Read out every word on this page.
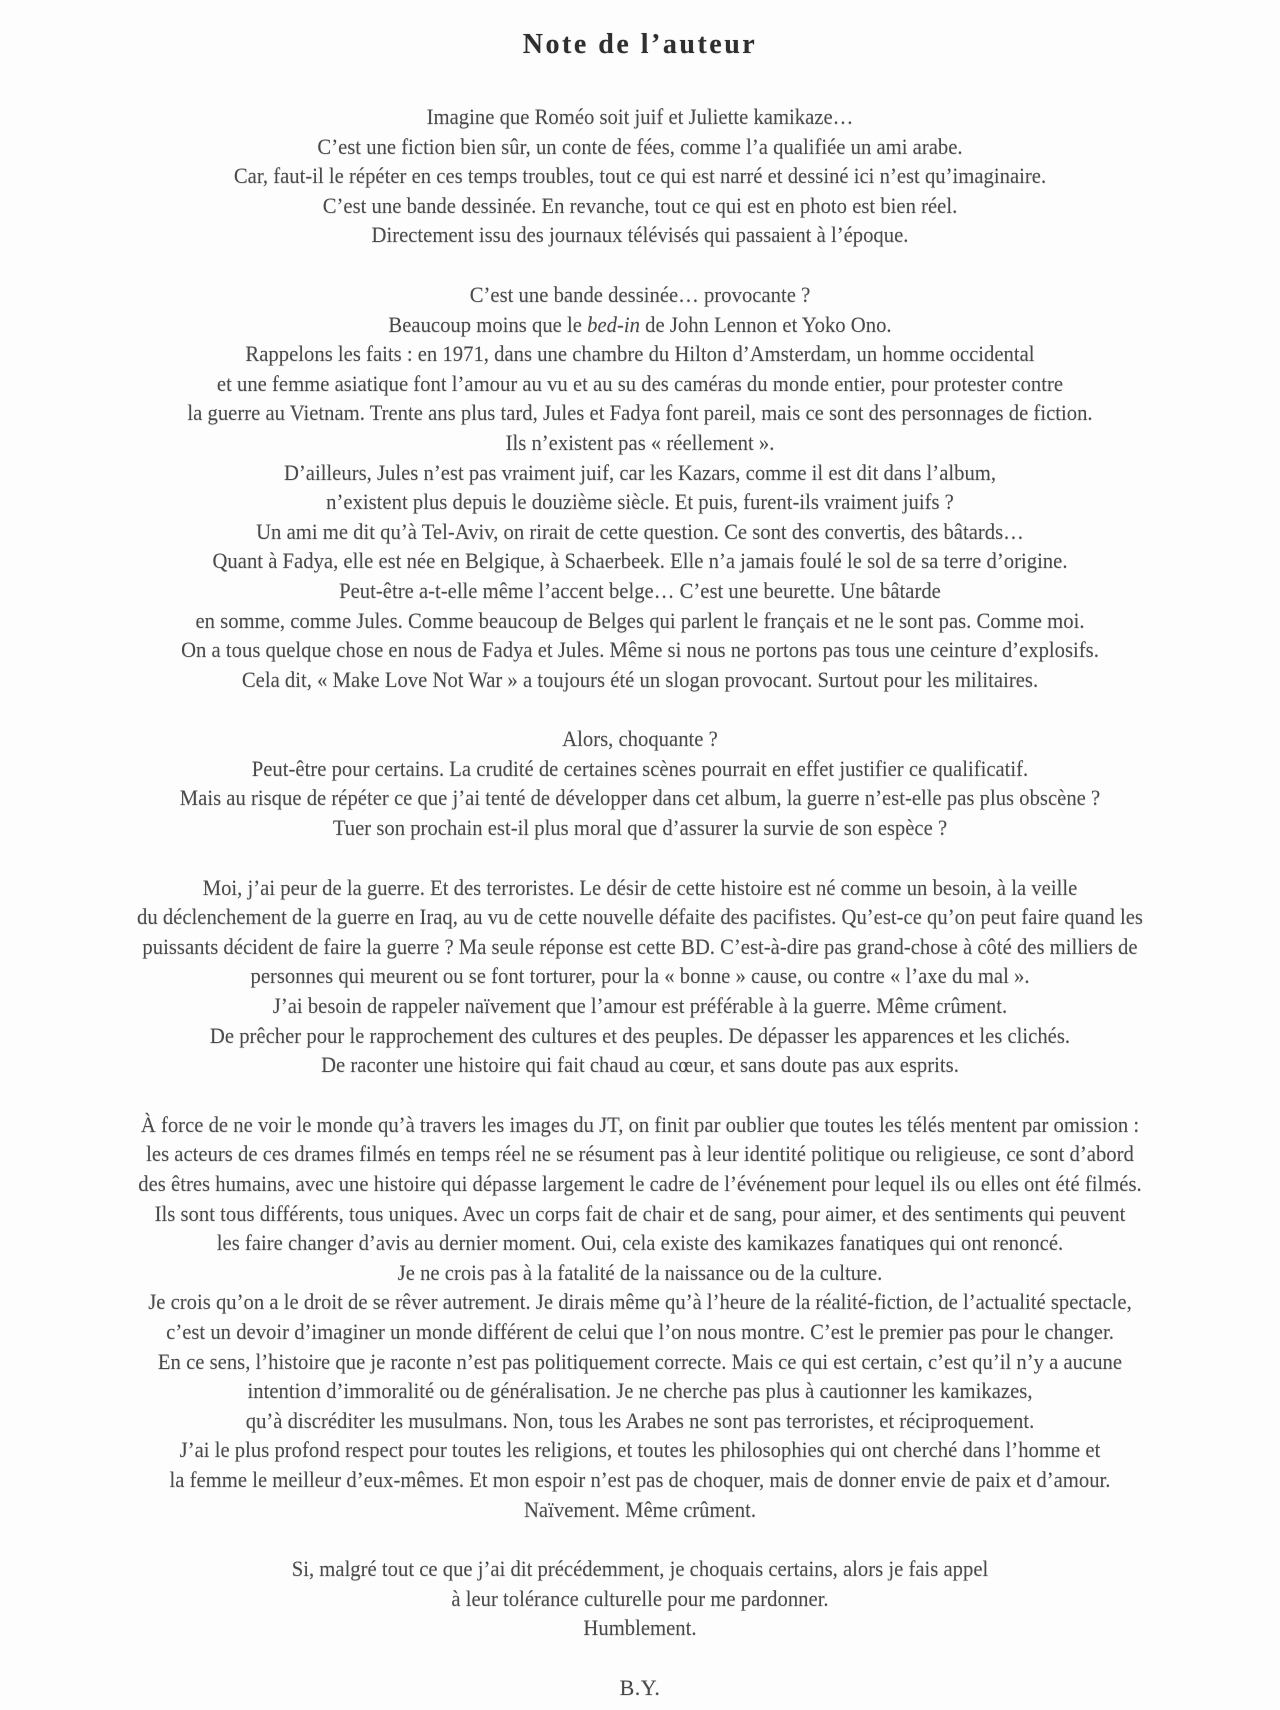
Note de l’auteur
Imagine que Roméo soit juif et Juliette kamikaze…
C’est une fiction bien sûr, un conte de fées, comme l’a qualifiée un ami arabe.
Car, faut-il le répéter en ces temps troubles, tout ce qui est narré et dessiné ici n’est qu’imaginaire.
C’est une bande dessinée. En revanche, tout ce qui est en photo est bien réel.
Directement issu des journaux télévisés qui passaient à l’époque.
C’est une bande dessinée… provocante ?
Beaucoup moins que le bed-in de John Lennon et Yoko Ono.
Rappelons les faits : en 1971, dans une chambre du Hilton d’Amsterdam, un homme occidental
et une femme asiatique font l’amour au vu et au su des caméras du monde entier, pour protester contre
la guerre au Vietnam. Trente ans plus tard, Jules et Fadya font pareil, mais ce sont des personnages de fiction.
Ils n’existent pas « réellement ».
D’ailleurs, Jules n’est pas vraiment juif, car les Kazars, comme il est dit dans l’album,
n’existent plus depuis le douzième siècle. Et puis, furent-ils vraiment juifs ?
Un ami me dit qu’à Tel-Aviv, on rirait de cette question. Ce sont des convertis, des bâtards…
Quant à Fadya, elle est née en Belgique, à Schaerbeek. Elle n’a jamais foulé le sol de sa terre d’origine.
Peut-être a-t-elle même l’accent belge… C’est une beurette. Une bâtarde
en somme, comme Jules. Comme beaucoup de Belges qui parlent le français et ne le sont pas. Comme moi.
On a tous quelque chose en nous de Fadya et Jules. Même si nous ne portons pas tous une ceinture d’explosifs.
Cela dit, « Make Love Not War » a toujours été un slogan provocant. Surtout pour les militaires.
Alors, choquante ?
Peut-être pour certains. La crudité de certaines scènes pourrait en effet justifier ce qualificatif.
Mais au risque de répéter ce que j’ai tenté de développer dans cet album, la guerre n’est-elle pas plus obscène ?
Tuer son prochain est-il plus moral que d’assurer la survie de son espèce ?
Moi, j’ai peur de la guerre. Et des terroristes. Le désir de cette histoire est né comme un besoin, à la veille
du déclenchement de la guerre en Iraq, au vu de cette nouvelle défaite des pacifistes. Qu’est-ce qu’on peut faire quand les
puissants décident de faire la guerre ? Ma seule réponse est cette BD. C’est-à-dire pas grand-chose à côté des milliers de
personnes qui meurent ou se font torturer, pour la « bonne » cause, ou contre « l’axe du mal ».
J’ai besoin de rappeler naïvement que l’amour est préférable à la guerre. Même crûment.
De prêcher pour le rapprochement des cultures et des peuples. De dépasser les apparences et les clichés.
De raconter une histoire qui fait chaud au cœur, et sans doute pas aux esprits.
À force de ne voir le monde qu’à travers les images du JT, on finit par oublier que toutes les télés mentent par omission :
les acteurs de ces drames filmés en temps réel ne se résument pas à leur identité politique ou religieuse, ce sont d’abord
des êtres humains, avec une histoire qui dépasse largement le cadre de l’événement pour lequel ils ou elles ont été filmés.
Ils sont tous différents, tous uniques. Avec un corps fait de chair et de sang, pour aimer, et des sentiments qui peuvent
les faire changer d’avis au dernier moment. Oui, cela existe des kamikazes fanatiques qui ont renoncé.
Je ne crois pas à la fatalité de la naissance ou de la culture.
Je crois qu’on a le droit de se rêver autrement. Je dirais même qu’à l’heure de la réalité-fiction, de l’actualité spectacle,
c’est un devoir d’imaginer un monde différent de celui que l’on nous montre. C’est le premier pas pour le changer.
En ce sens, l’histoire que je raconte n’est pas politiquement correcte. Mais ce qui est certain, c’est qu’il n’y a aucune
intention d’immoralité ou de généralisation. Je ne cherche pas plus à cautionner les kamikazes,
qu’à discréditer les musulmans. Non, tous les Arabes ne sont pas terroristes, et réciproquement.
J’ai le plus profond respect pour toutes les religions, et toutes les philosophies qui ont cherché dans l’homme et
la femme le meilleur d’eux-mêmes. Et mon espoir n’est pas de choquer, mais de donner envie de paix et d’amour.
Naïvement. Même crûment.
Si, malgré tout ce que j’ai dit précédemment, je choquais certains, alors je fais appel
à leur tolérance culturelle pour me pardonner.
Humblement.
B.Y.
